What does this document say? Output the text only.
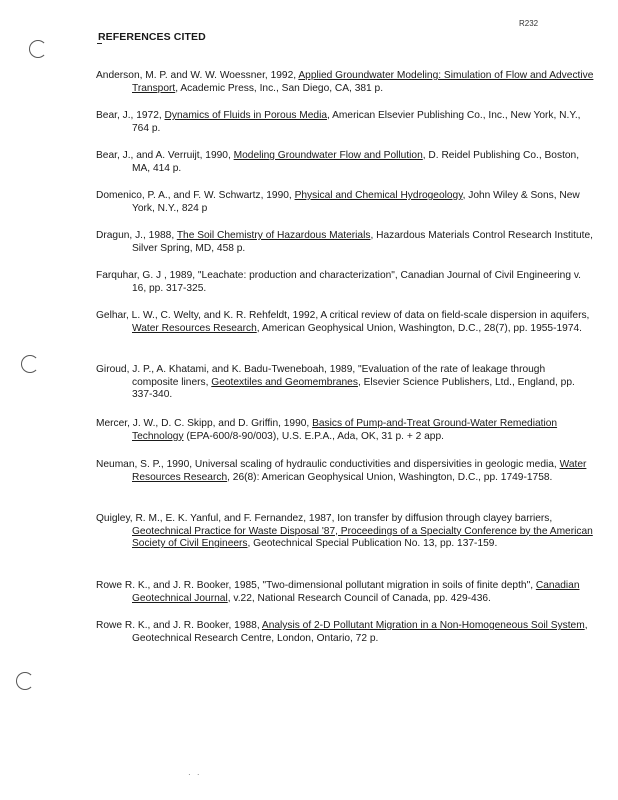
R232
REFERENCES CITED
Anderson, M. P. and W. W. Woessner, 1992, Applied Groundwater Modeling: Simulation of Flow and Advective Transport, Academic Press, Inc., San Diego, CA, 381 p.
Bear, J., 1972, Dynamics of Fluids in Porous Media, American Elsevier Publishing Co., Inc., New York, N.Y., 764 p.
Bear, J., and A. Verruijt, 1990, Modeling Groundwater Flow and Pollution, D. Reidel Publishing Co., Boston, MA, 414 p.
Domenico, P. A., and F. W. Schwartz, 1990, Physical and Chemical Hydrogeology, John Wiley & Sons, New York, N.Y., 824 p
Dragun, J., 1988, The Soil Chemistry of Hazardous Materials, Hazardous Materials Control Research Institute, Silver Spring, MD, 458 p.
Farquhar, G. J , 1989, "Leachate: production and characterization", Canadian Journal of Civil Engineering v. 16, pp. 317-325.
Gelhar, L. W., C. Welty, and K. R. Rehfeldt, 1992, A critical review of data on field-scale dispersion in aquifers, Water Resources Research, American Geophysical Union, Washington, D.C., 28(7), pp. 1955-1974.
Giroud, J. P., A. Khatami, and K. Badu-Tweneboah, 1989, "Evaluation of the rate of leakage through composite liners, Geotextiles and Geomembranes, Elsevier Science Publishers, Ltd., England, pp. 337-340.
Mercer, J. W., D. C. Skipp, and D. Griffin, 1990, Basics of Pump-and-Treat Ground-Water Remediation Technology (EPA-600/8-90/003), U.S. E.P.A., Ada, OK, 31 p. + 2 app.
Neuman, S. P., 1990, Universal scaling of hydraulic conductivities and dispersivities in geologic media, Water Resources Research, 26(8): American Geophysical Union, Washington, D.C., pp. 1749-1758.
Quigley, R. M., E. K. Yanful, and F. Fernandez, 1987, Ion transfer by diffusion through clayey barriers, Geotechnical Practice for Waste Disposal '87, Proceedings of a Specialty Conference by the American Society of Civil Engineers, Geotechnical Special Publication No. 13, pp. 137-159.
Rowe R. K., and J. R. Booker, 1985, "Two-dimensional pollutant migration in soils of finite depth", Canadian Geotechnical Journal, v.22, National Research Council of Canada, pp. 429-436.
Rowe R. K., and J. R. Booker, 1988, Analysis of 2-D Pollutant Migration in a Non-Homogeneous Soil System, Geotechnical Research Centre, London, Ontario, 72 p.
· ·
